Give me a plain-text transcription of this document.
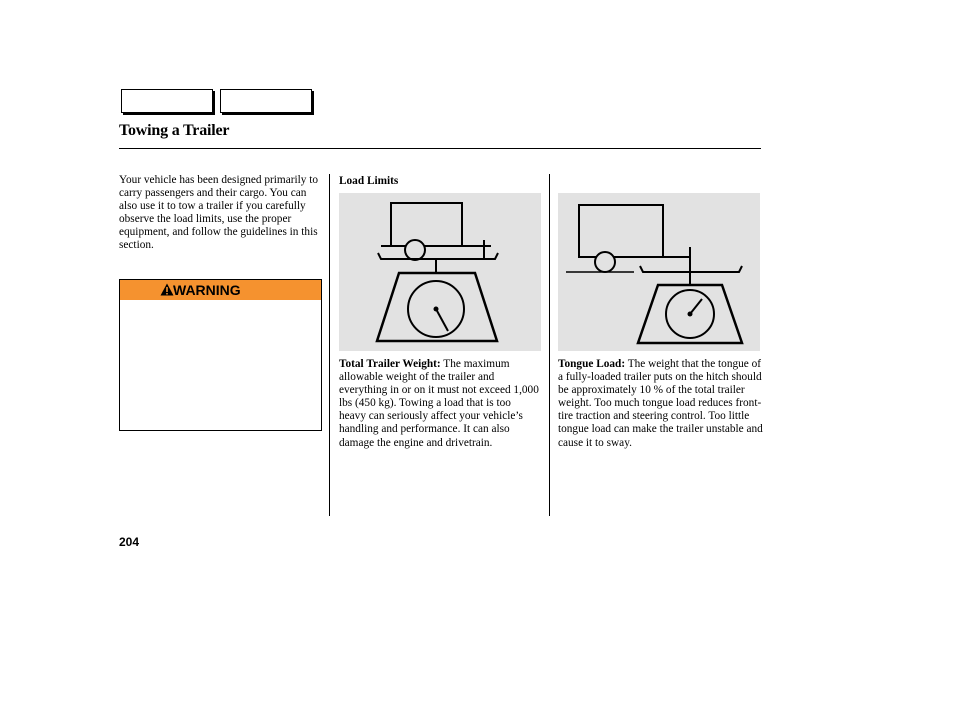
Towing a Trailer
Your vehicle has been designed primarily to carry passengers and their cargo. You can also use it to tow a trailer if you carefully observe the load limits, use the proper equipment, and follow the guidelines in this section.
WARNING
Load Limits
Total Trailer Weight: The maximum allowable weight of the trailer and everything in or on it must not exceed 1,000 lbs (450 kg). Towing a load that is too heavy can seriously affect your vehicle’s handling and performance. It can also damage the engine and drivetrain.
Tongue Load: The weight that the tongue of a fully-loaded trailer puts on the hitch should be approximately 10 % of the total trailer weight. Too much tongue load reduces front-tire traction and steering control. Too little tongue load can make the trailer unstable and cause it to sway.
204
